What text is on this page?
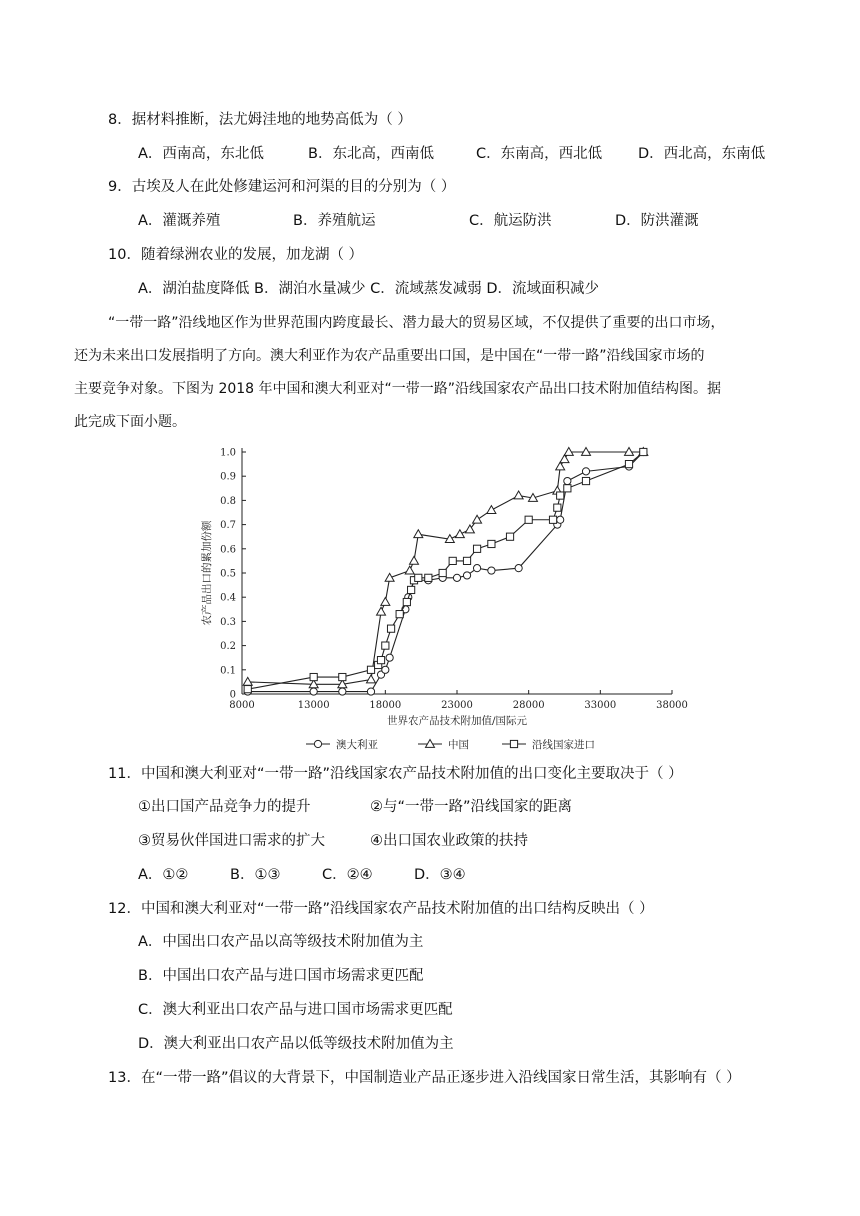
8．据材料推断，法尤姆洼地的地势高低为（ ）
A．西南高，东北低	B．东北高，西南低	C．东南高，西北低 D．西北高，东南低
9．古埃及人在此处修建运河和河渠的目的分别为（ ）
A．灌溉养殖	B．养殖航运	C．航运防洪	D．防洪灌溉
10．随着绿洲农业的发展，加龙湖（ ）
A．湖泊盐度降低 B．湖泊水量减少 C．流域蒸发减弱 D．流域面积减少
“一带一路”沿线地区作为世界范围内跨度最长、潜力最大的贸易区域，不仅提供了重要的出口市场，
还为未来出口发展指明了方向。澳大利亚作为农产品重要出口国，是中国在“一带一路”沿线国家市场的
主要竞争对象。下图为 2018 年中国和澳大利亚对“一带一路”沿线国家农产品出口技术附加值结构图。据
此完成下面小题。
0
0.1
0.2
0.3
0.4
0.5
0.6
0.7
0.8
0.9
1.0
8000	13000	18000	23000	28000	33000	38000
世界农产品技术附加值/国际元
农产品出口的累加份额
澳大利亚	中国	沿线国家进口
11．中国和澳大利亚对“一带一路”沿线国家农产品技术附加值的出口变化主要取决于（ ）
①出口国产品竞争力的提升	②与“一带一路”沿线国家的距离
③贸易伙伴国进口需求的扩大	④出口国农业政策的扶持
A．①②	B．①③	C．②④	D．③④
12．中国和澳大利亚对“一带一路”沿线国家农产品技术附加值的出口结构反映出（ ）
A．中国出口农产品以高等级技术附加值为主
B．中国出口农产品与进口国市场需求更匹配
C．澳大利亚出口农产品与进口国市场需求更匹配
D．澳大利亚出口农产品以低等级技术附加值为主
13．在“一带一路”倡议的大背景下，中国制造业产品正逐步进入沿线国家日常生活，其影响有（ ）
